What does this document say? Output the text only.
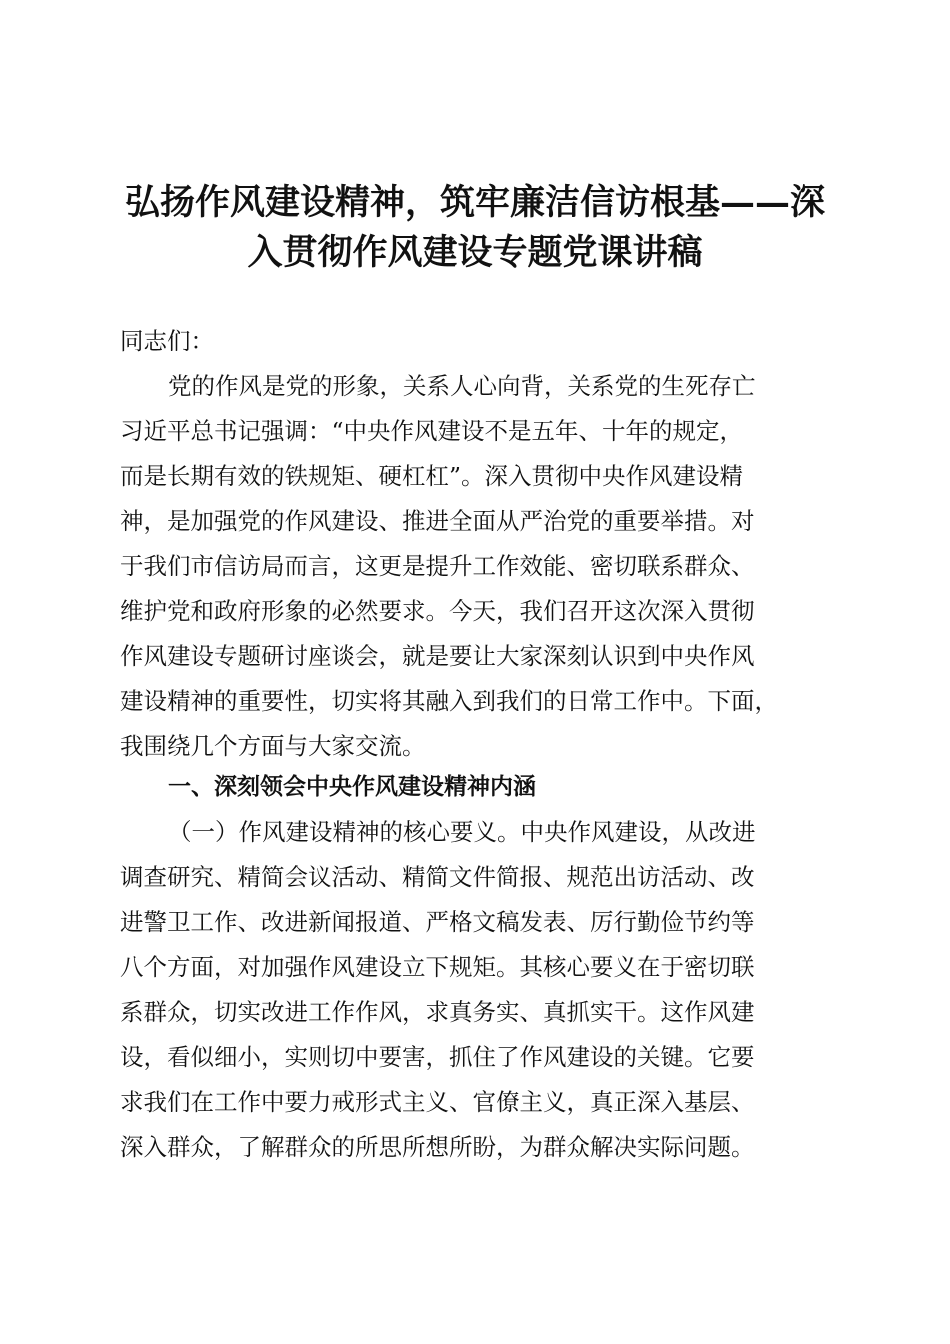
弘扬作风建设精神，筑牢廉洁信访根基——深
入贯彻作风建设专题党课讲稿
同志们：
党的作风是党的形象，关系人心向背，关系党的生死存亡
习近平总书记强调：“中央作风建设不是五年、十年的规定，
而是长期有效的铁规矩、硬杠杠”。深入贯彻中央作风建设精
神，是加强党的作风建设、推进全面从严治党的重要举措。对
于我们市信访局而言，这更是提升工作效能、密切联系群众、
维护党和政府形象的必然要求。今天，我们召开这次深入贯彻
作风建设专题研讨座谈会，就是要让大家深刻认识到中央作风
建设精神的重要性，切实将其融入到我们的日常工作中。下面，
我围绕几个方面与大家交流。
一、深刻领会中央作风建设精神内涵
（一）作风建设精神的核心要义。中央作风建设，从改进
调查研究、精简会议活动、精简文件简报、规范出访活动、改
进警卫工作、改进新闻报道、严格文稿发表、厉行勤俭节约等
八个方面，对加强作风建设立下规矩。其核心要义在于密切联
系群众，切实改进工作作风，求真务实、真抓实干。这作风建
设，看似细小，实则切中要害，抓住了作风建设的关键。它要
求我们在工作中要力戒形式主义、官僚主义，真正深入基层、
深入群众，了解群众的所思所想所盼，为群众解决实际问题。
